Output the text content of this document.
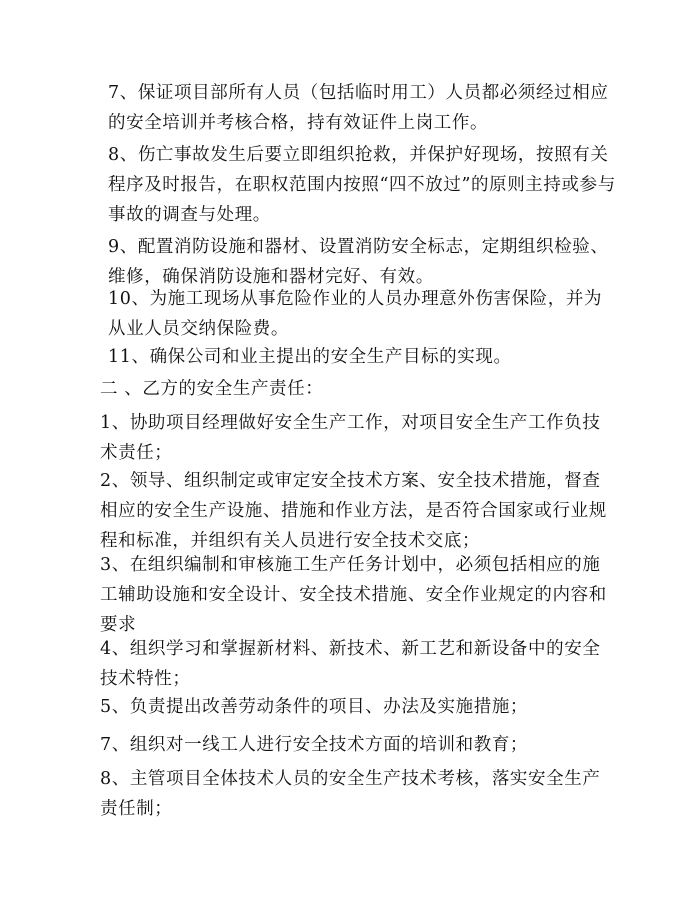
7、保证项目部所有人员（包括临时用工）人员都必须经过相应的安全培训并考核合格，持有效证件上岗工作。

8、伤亡事故发生后要立即组织抢救，并保护好现场，按照有关程序及时报告，在职权范围内按照“四不放过”的原则主持或参与事故的调查与处理。

9、配置消防设施和器材、设置消防安全标志，定期组织检验、维修，确保消防设施和器材完好、有效。

10、为施工现场从事危险作业的人员办理意外伤害保险，并为从业人员交纳保险费。

11、确保公司和业主提出的安全生产目标的实现。

二 、乙方的安全生产责任：

1、协助项目经理做好安全生产工作，对项目安全生产工作负技术责任；

2、领导、组织制定或审定安全技术方案、安全技术措施，督查相应的安全生产设施、措施和作业方法，是否符合国家或行业规程和标准，并组织有关人员进行安全技术交底；

3、在组织编制和审核施工生产任务计划中，必须包括相应的施工辅助设施和安全设计、安全技术措施、安全作业规定的内容和要求

4、组织学习和掌握新材料、新技术、新工艺和新设备中的安全技术特性；

5、负责提出改善劳动条件的项目、办法及实施措施；

7、组织对一线工人进行安全技术方面的培训和教育；

8、主管项目全体技术人员的安全生产技术考核，落实安全生产责任制；
